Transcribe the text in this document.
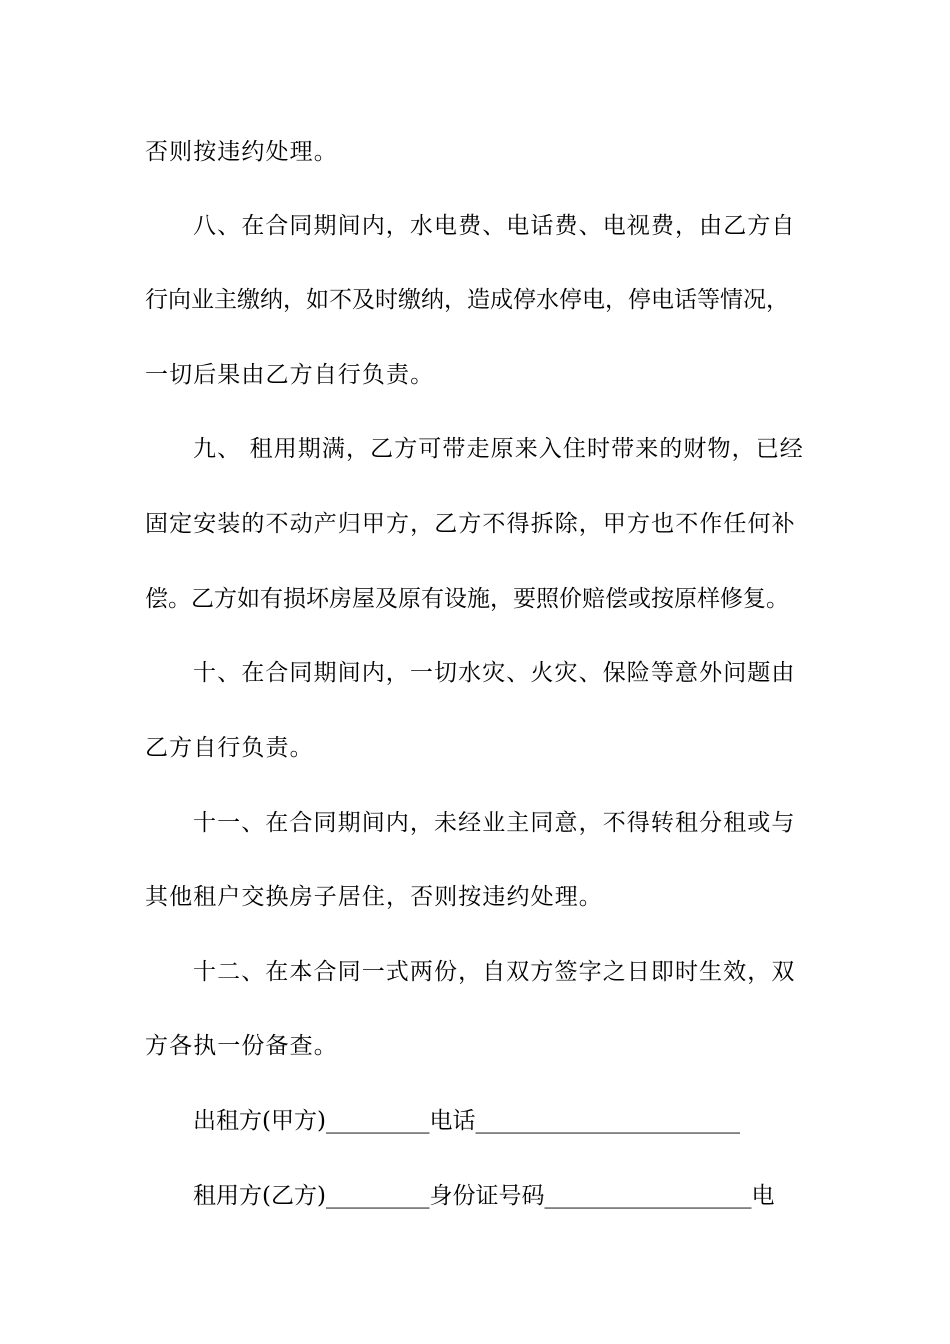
否则按违约处理。
八、在合同期间内，水电费、电话费、电视费，由乙方自
行向业主缴纳，如不及时缴纳，造成停水停电，停电话等情况，
一切后果由乙方自行负责。
九、 租用期满，乙方可带走原来入住时带来的财物，已经
固定安装的不动产归甲方，乙方不得拆除，甲方也不作任何补
偿。乙方如有损坏房屋及原有设施，要照价赔偿或按原样修复。
十、在合同期间内，一切水灾、火灾、保险等意外问题由
乙方自行负责。
十一、在合同期间内，未经业主同意，不得转租分租或与
其他租户交换房子居住，否则按违约处理。
十二、在本合同一式两份，自双方签字之日即时生效，双
方各执一份备查。
出租方(甲方)_________电话_______________________
租用方(乙方)_________身份证号码__________________电
